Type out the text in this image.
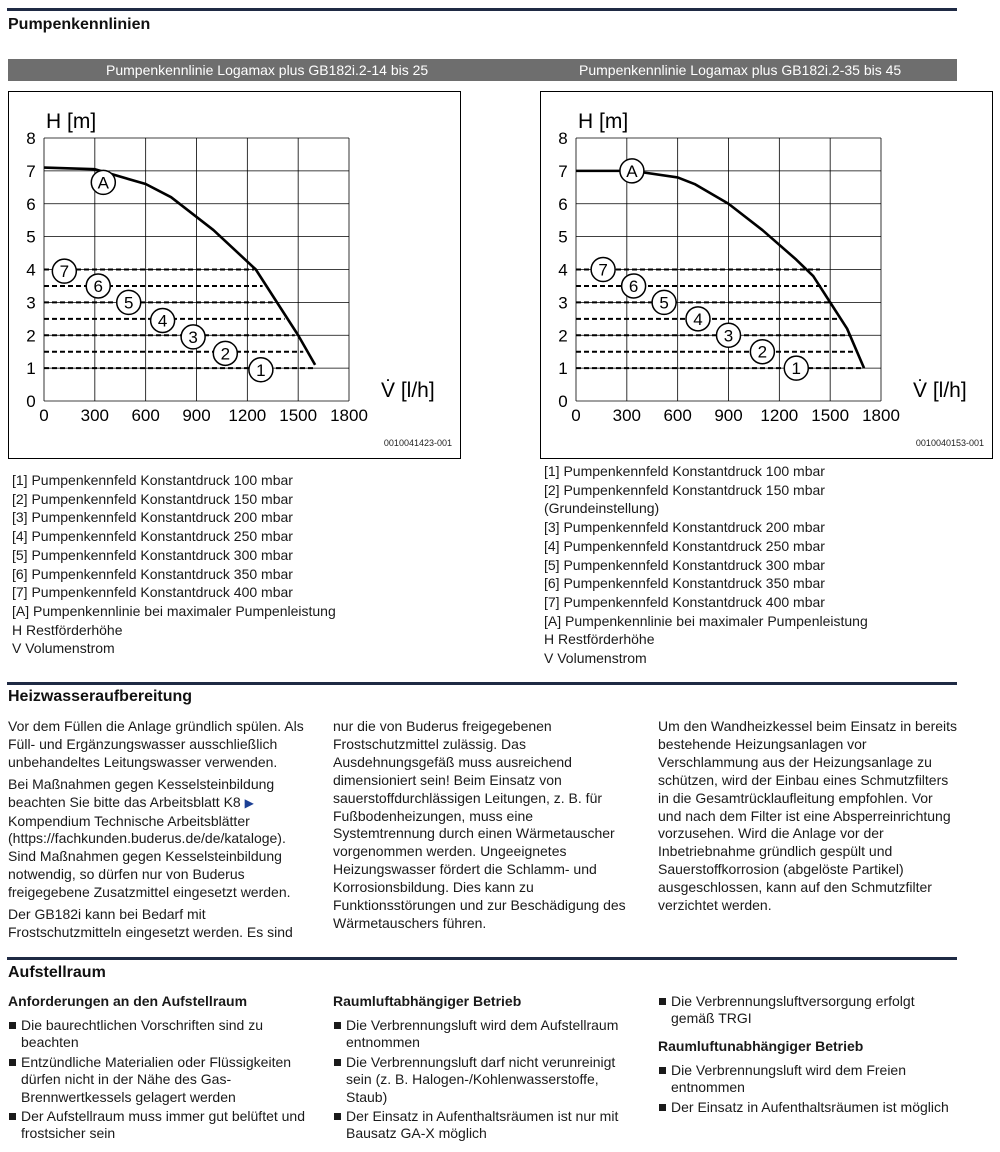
Pumpenkennlinien
Pumpenkennlinie Logamax plus GB182i.2-14 bis 25	Pumpenkennlinie Logamax plus GB182i.2-35 bis 45
0 300 600 900 1200 1500 1800
0
1
2
3
4
5
6
7
8
H [m]
V̇ [l/h]
A
7
6
5
4
3
2
1
0010041423-001
0 300 600 900 1200 1500 1800
0
1
2
3
4
5
6
7
8
H [m]
V̇ [l/h]
A
7
6
5
4
3
2
1
0010040153-001
[1] Pumpenkennfeld Konstantdruck 100 mbar
[2] Pumpenkennfeld Konstantdruck 150 mbar
[3] Pumpenkennfeld Konstantdruck 200 mbar
[4] Pumpenkennfeld Konstantdruck 250 mbar
[5] Pumpenkennfeld Konstantdruck 300 mbar
[6] Pumpenkennfeld Konstantdruck 350 mbar
[7] Pumpenkennfeld Konstantdruck 400 mbar
[A] Pumpenkennlinie bei maximaler Pumpenleistung
H Restförderhöhe
V Volumenstrom
[1] Pumpenkennfeld Konstantdruck 100 mbar
[2] Pumpenkennfeld Konstantdruck 150 mbar
(Grundeinstellung)
[3] Pumpenkennfeld Konstantdruck 200 mbar
[4] Pumpenkennfeld Konstantdruck 250 mbar
[5] Pumpenkennfeld Konstantdruck 300 mbar
[6] Pumpenkennfeld Konstantdruck 350 mbar
[7] Pumpenkennfeld Konstantdruck 400 mbar
[A] Pumpenkennlinie bei maximaler Pumpenleistung
H Restförderhöhe
V Volumenstrom
Heizwasseraufbereitung

Vor dem Füllen die Anlage gründlich spülen. Als Füll- und Ergänzungswasser ausschließlich unbehandeltes Leitungswasser verwenden.

Bei Maßnahmen gegen Kesselsteinbildung beachten Sie bitte das Arbeitsblatt K8 ▶ Kompendium Technische Arbeitsblätter (https://fachkunden.buderus.de/de/kataloge). Sind Maßnahmen gegen Kesselsteinbildung notwendig, so dürfen nur von Buderus freigegebene Zusatzmittel eingesetzt werden.

Der GB182i kann bei Bedarf mit Frostschutzmitteln eingesetzt werden. Es sind

nur die von Buderus freigegebenen Frostschutzmittel zulässig. Das Ausdehnungsgefäß muss ausreichend dimensioniert sein! Beim Einsatz von sauerstoffdurchlässigen Leitungen, z. B. für Fußbodenheizungen, muss eine Systemtrennung durch einen Wärmetauscher vorgenommen werden. Ungeeignetes Heizungswasser fördert die Schlamm- und Korrosionsbildung. Dies kann zu Funktionsstörungen und zur Beschädigung des Wärmetauschers führen.

Um den Wandheizkessel beim Einsatz in bereits bestehende Heizungsanlagen vor Verschlammung aus der Heizungsanlage zu schützen, wird der Einbau eines Schmutzfilters in die Gesamtrücklaufleitung empfohlen. Vor und nach dem Filter ist eine Absperreinrichtung vorzusehen. Wird die Anlage vor der Inbetriebnahme gründlich gespült und Sauerstoffkorrosion (abgelöste Partikel) ausgeschlossen, kann auf den Schmutzfilter verzichtet werden.

Aufstellraum
Anforderungen an den Aufstellraum
Die baurechtlichen Vorschriften sind zu beachten
Entzündliche Materialien oder Flüssigkeiten dürfen nicht in der Nähe des Gas-Brennwertkessels gelagert werden
Der Aufstellraum muss immer gut belüftet und frostsicher sein
Raumluftabhängiger Betrieb
Die Verbrennungsluft wird dem Aufstellraum entnommen
Die Verbrennungsluft darf nicht verunreinigt sein (z. B. Halogen-/Kohlenwasserstoffe, Staub)
Der Einsatz in Aufenthaltsräumen ist nur mit Bausatz GA-X möglich
Die Verbrennungsluftversorgung erfolgt gemäß TRGI
Raumluftunabhängiger Betrieb
Die Verbrennungsluft wird dem Freien entnommen
Der Einsatz in Aufenthaltsräumen ist möglich
